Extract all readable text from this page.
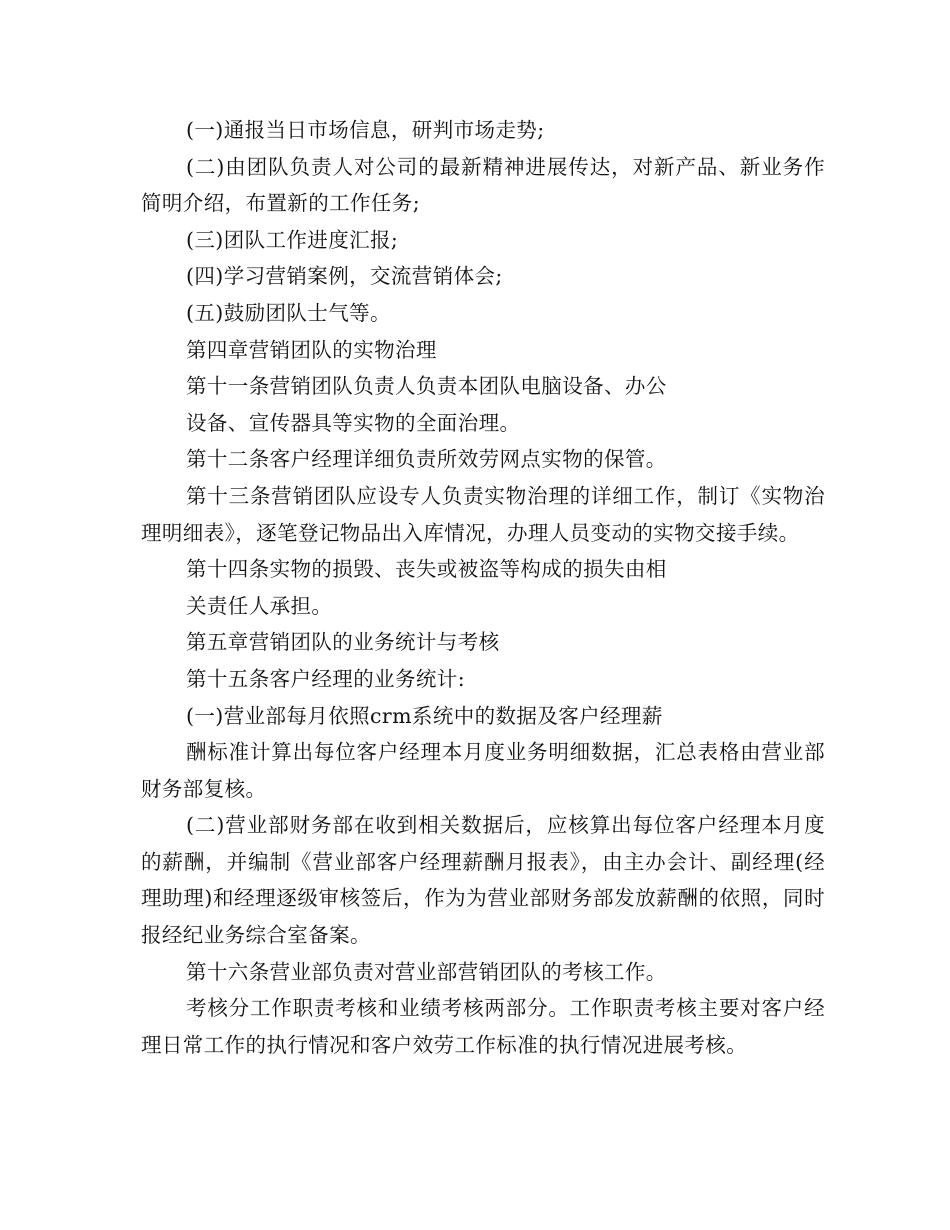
(一)通报当日市场信息，研判市场走势;

(二)由团队负责人对公司的最新精神进展传达，对新产品、新业务作简明介绍，布置新的工作任务;

(三)团队工作进度汇报;

(四)学习营销案例，交流营销体会;

(五)鼓励团队士气等。

第四章营销团队的实物治理

第十一条营销团队负责人负责本团队电脑设备、办公

设备、宣传器具等实物的全面治理。

第十二条客户经理详细负责所效劳网点实物的保管。

第十三条营销团队应设专人负责实物治理的详细工作，制订《实物治理明细表》，逐笔登记物品出入库情况，办理人员变动的实物交接手续。

第十四条实物的损毁、丧失或被盗等构成的损失由相

关责任人承担。

第五章营销团队的业务统计与考核

第十五条客户经理的业务统计:

(一)营业部每月依照crm系统中的数据及客户经理薪

酬标准计算出每位客户经理本月度业务明细数据，汇总表格由营业部财务部复核。

(二)营业部财务部在收到相关数据后，应核算出每位客户经理本月度的薪酬，并编制《营业部客户经理薪酬月报表》，由主办会计、副经理(经理助理)和经理逐级审核签后，作为为营业部财务部发放薪酬的依照，同时报经纪业务综合室备案。

第十六条营业部负责对营业部营销团队的考核工作。

考核分工作职责考核和业绩考核两部分。工作职责考核主要对客户经理日常工作的执行情况和客户效劳工作标准的执行情况进展考核。
